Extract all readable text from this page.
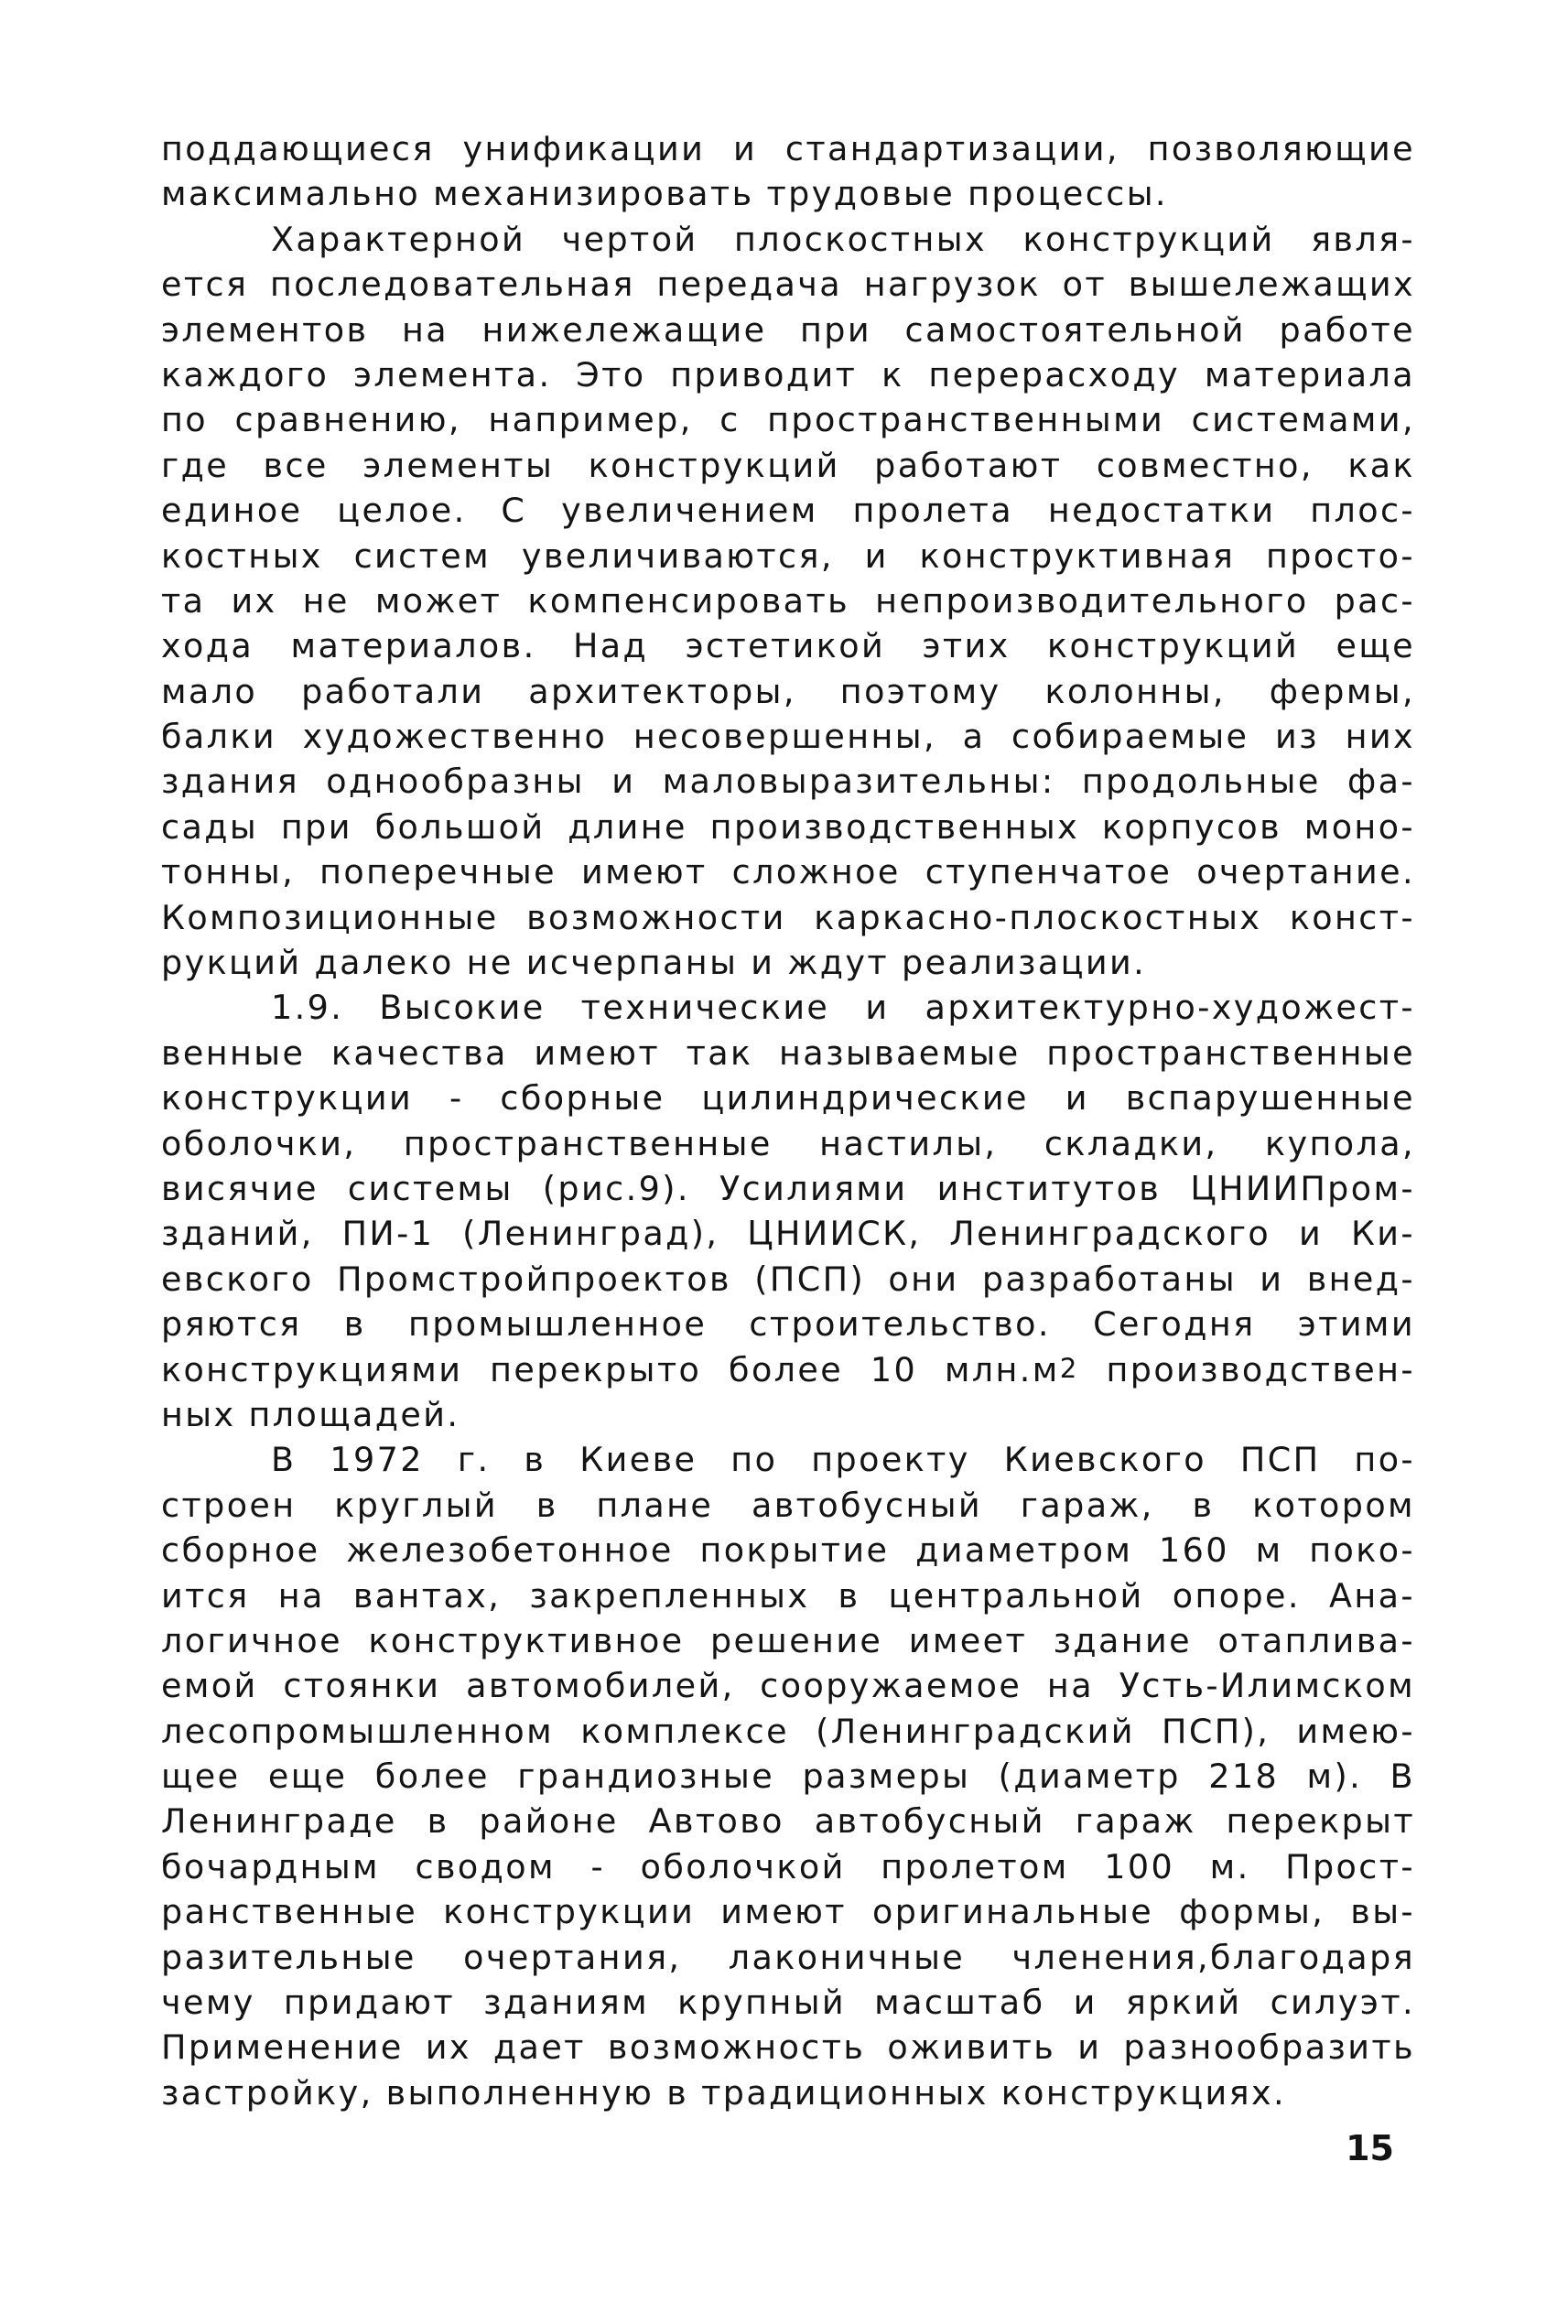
поддающиеся унификации и стандартизации, позволяющие
максимально механизировать трудовые процессы.
Характерной чертой плоскостных конструкций явля-
ется последовательная передача нагрузок от вышележащих
элементов на нижележащие при самостоятельной работе
каждого элемента. Это приводит к перерасходу материала
по сравнению, например, с пространственными системами,
где все элементы конструкций работают совместно, как
единое целое. С увеличением пролета недостатки плос-
костных систем увеличиваются, и конструктивная просто-
та их не может компенсировать непроизводительного рас-
хода материалов. Над эстетикой этих конструкций еще
мало работали архитекторы, поэтому колонны, фермы,
балки художественно несовершенны, а собираемые из них
здания однообразны и маловыразительны: продольные фа-
сады при большой длине производственных корпусов моно-
тонны, поперечные имеют сложное ступенчатое очертание.
Композиционные возможности каркасно-плоскостных конст-
рукций далеко не исчерпаны и ждут реализации.
1.9. Высокие технические и архитектурно-художест-
венные качества имеют так называемые пространственные
конструкции - сборные цилиндрические и вспарушенные
оболочки, пространственные настилы, складки, купола,
висячие системы (рис.9). Усилиями институтов ЦНИИПром-
зданий, ПИ-1 (Ленинград), ЦНИИСК, Ленинградского и Ки-
евского Промстройпроектов (ПСП) они разработаны и внед-
ряются в промышленное строительство. Сегодня этими
конструкциями перекрыто более 10 $млн.м^2$ производствен-
ных площадей.
В 1972 г. в Киеве по проекту Киевского ПСП по-
строен круглый в плане автобусный гараж, в котором
сборное железобетонное покрытие диаметром 160 м поко-
ится на вантах, закрепленных в центральной опоре. Ана-
логичное конструктивное решение имеет здание отаплива-
емой стоянки автомобилей, сооружаемое на Усть-Илимском
лесопромышленном комплексе (Ленинградский ПСП), имею-
щее еще более грандиозные размеры (диаметр 218 м). В
Ленинграде в районе Автово автобусный гараж перекрыт
бочардным сводом - оболочкой пролетом 100 м. Прост-
ранственные конструкции имеют оригинальные формы, вы-
разительные очертания, лаконичные членения,благодаря
чему придают зданиям крупный масштаб и яркий силуэт.
Применение их дает возможность оживить и разнообразить
застройку, выполненную в традиционных конструкциях.
15
